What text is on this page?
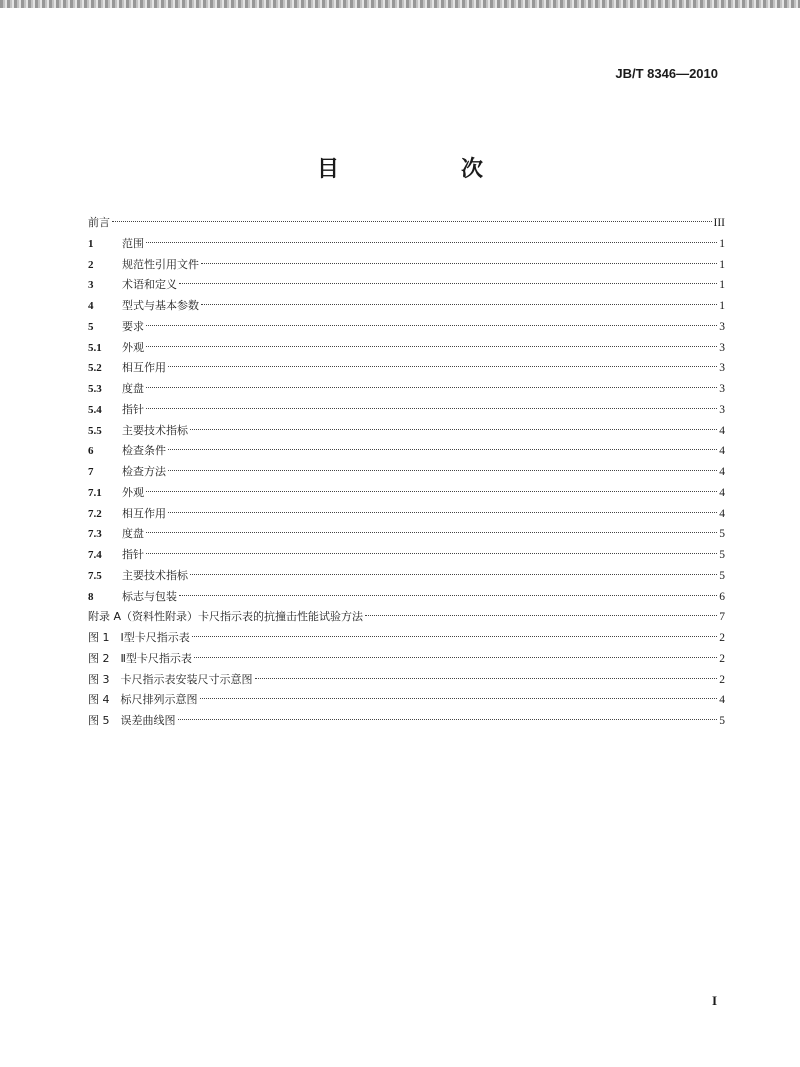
JB/T 8346—2010
目　次
前言	III
1	范围	1
2	规范性引用文件	1
3	术语和定义	1
4	型式与基本参数	1
5	要求	3
5.1	外观	3
5.2	相互作用	3
5.3	度盘	3
5.4	指针	3
5.5	主要技术指标	4
6	检查条件	4
7	检查方法	4
7.1	外观	4
7.2	相互作用	4
7.3	度盘	5
7.4	指针	5
7.5	主要技术指标	5
8	标志与包装	6
附录 A（资料性附录）卡尺指示表的抗撞击性能试验方法	7
图 1　Ⅰ型卡尺指示表	2
图 2　Ⅱ型卡尺指示表	2
图 3　卡尺指示表安装尺寸示意图	2
图 4　标尺排列示意图	4
图 5　误差曲线图	5
I
